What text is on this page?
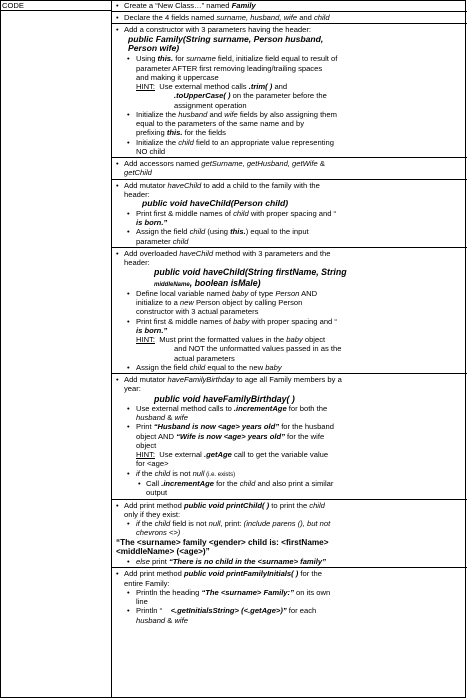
CODE	• Create a “New Class…” named Family
• Declare the 4 fields named surname, husband, wife and child
• Add a constructor with 3 parameters having the header:
public Family(String surname, Person husband,
Person wife)
• Using this. for surname field, initialize field equal to result of
parameter AFTER first removing leading/trailing spaces
and making it uppercase
HINT: Use external method calls .trim( ) and
.toUpperCase( ) on the parameter before the
assignment operation
• Initialize the husband and wife fields by also assigning them
equal to the parameters of the same name and by
prefixing this. for the fields
• Initialize the child field to an appropriate value representing
NO child
• Add accessors named getSurname, getHusband, getWife &
getChild
• Add mutator haveChild to add a child to the family with the
header:
public void haveChild(Person child)
• Print first & middle names of child with proper spacing and “
is born.”
• Assign the field child (using this.) equal to the input
parameter child
• Add overloaded haveChild method with 3 parameters and the
header:
public void haveChild(String firstName, String
middleName, boolean isMale)
• Define local variable named baby of type Person AND
initialize to a new Person object by calling Person
constructor with 3 actual parameters
• Print first & middle names of baby with proper spacing and “
is born.”
HINT: Must print the formatted values in the baby object
and NOT the unformatted values passed in as the
actual parameters
• Assign the field child equal to the new baby
• Add mutator haveFamilyBirthday to age all Family members by a
year:
public void haveFamilyBirthday( )
• Use external method calls to .incrementAge for both the
husband & wife
• Print “Husband is now <age> years old” for the husband
object AND “Wife is now <age> years old” for the wife
object
HINT: Use external .getAge call to get the variable value
for <age>
• if the child is not null (i.e. exists)
• Call .incrementAge for the child and also print a similar
output
• Add print method public void printChild( ) to print the child
only if they exist:
• if the child field is not null, print: (include parens (), but not
chevrons <>)
“The <surname> family <gender> child is: <firstName>
<middleName> (<age>)”
• else print “There is no child in the <surname> family”
• Add print method public void printFamilyInitials( ) for the
entire Family:
• Println the heading “The <surname> Family:” on its own
line
• Println “ <.getInitialsString> (<.getAge>)” for each
husband & wife
